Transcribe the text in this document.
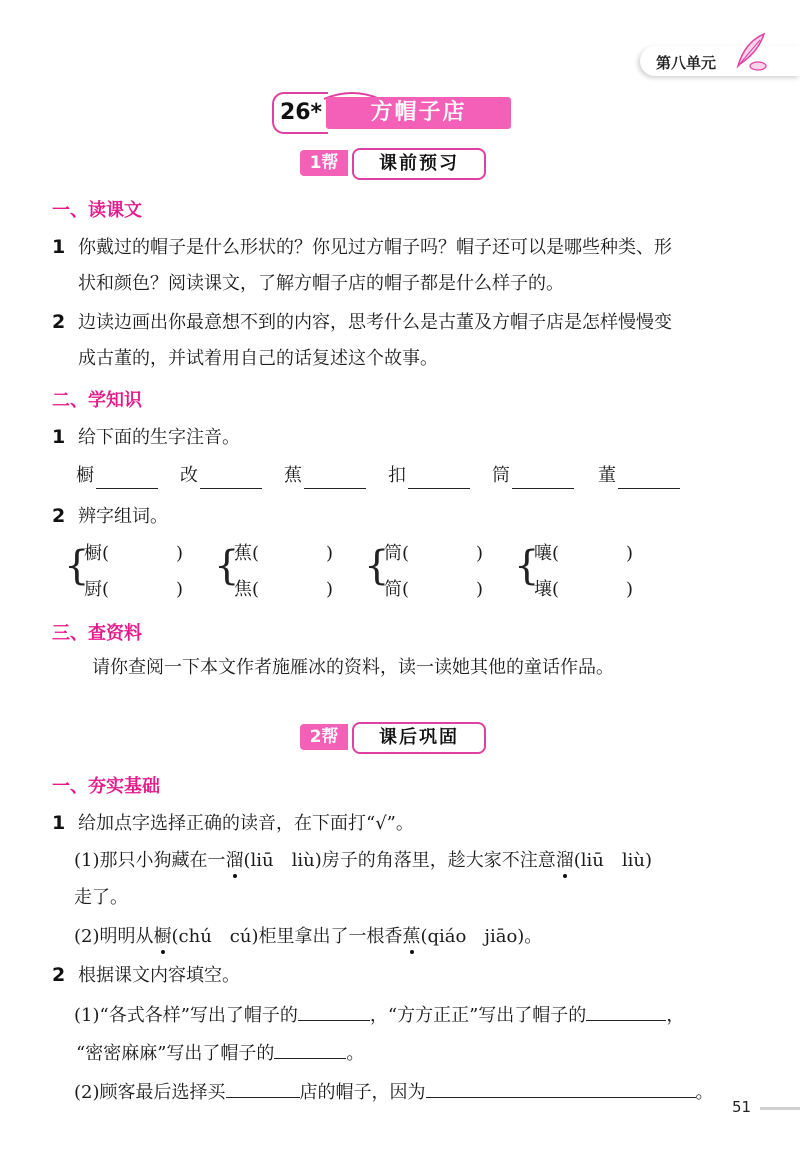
第八单元
26*	方帽子店
1帮	课前预习
一、读课文
1 你戴过的帽子是什么形状的？你见过方帽子吗？帽子还可以是哪些种类、形
状和颜色？阅读课文，了解方帽子店的帽子都是什么样子的。
2 边读边画出你最意想不到的内容，思考什么是古董及方帽子店是怎样慢慢变
成古董的，并试着用自己的话复述这个故事。
二、学知识
1 给下面的生字注音。
橱	改	蕉	扣	筒	董
2 辨字组词。
{
橱(	)
厨(	)
{
蕉(	)
焦(	)
{
筒(	)
简(	)
{
嚷(	)
壤(	)
三、查资料
请你查阅一下本文作者施雁冰的资料，读一读她其他的童话作品。
2帮	课后巩固
一、夯实基础
1 给加点字选择正确的读音，在下面打“√”。
(1)那只小狗藏在一溜(liū　liù)房子的角落里，趁大家不注意溜(liū　liù)
走了。
(2)明明从橱(chú　cú)柜里拿出了一根香蕉(qiáo　jiāo)。
2 根据课文内容填空。
(1)“各式各样”写出了帽子的	，“方方正正”写出了帽子的	，
“密密麻麻”写出了帽子的	。
(2)顾客最后选择买	店的帽子，因为	。
51
